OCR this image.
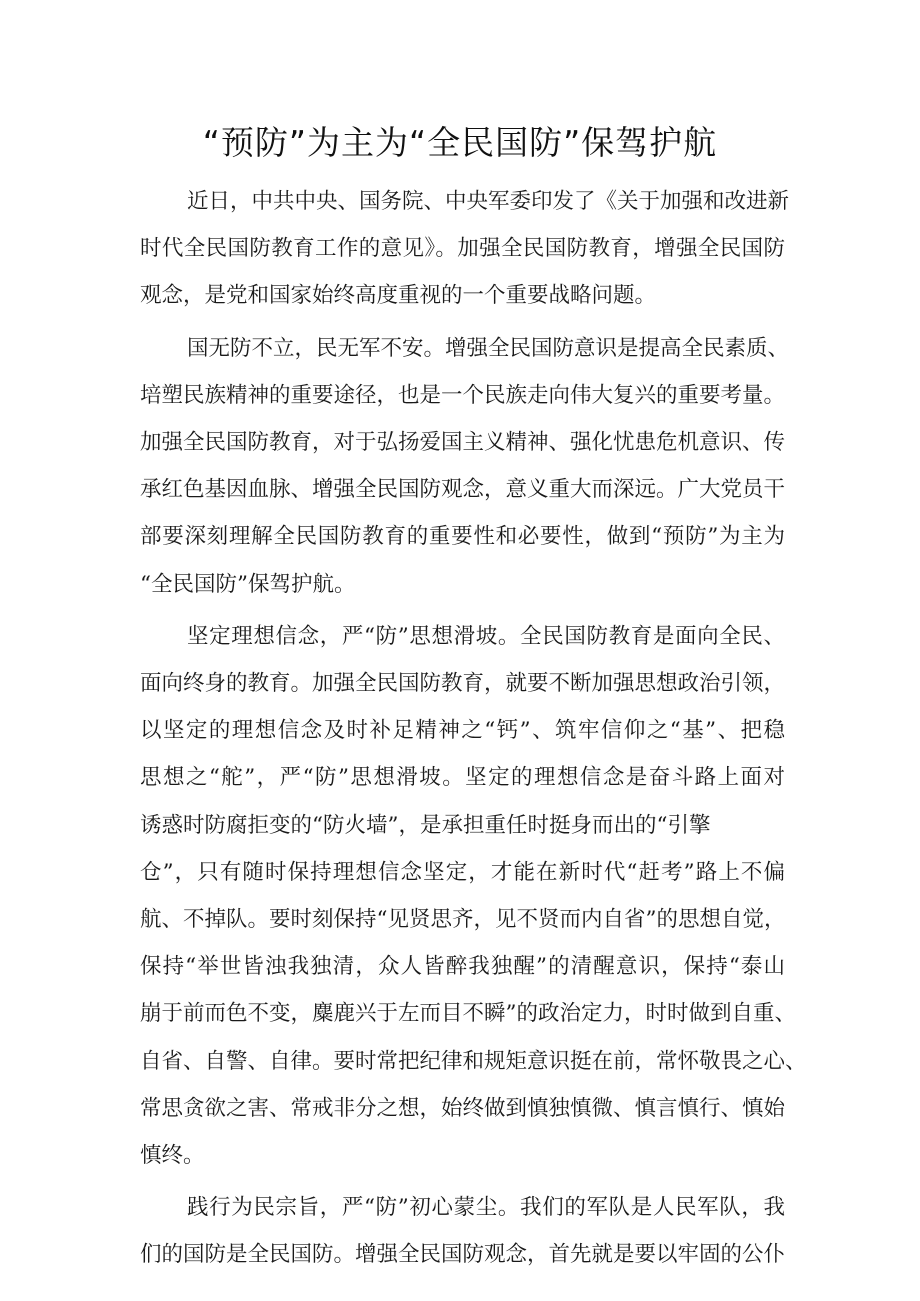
“预防”为主为“全民国防”保驾护航

近日，中共中央、国务院、中央军委印发了《关于加强和改进新
时代全民国防教育工作的意见》。加强全民国防教育，增强全民国防
观念，是党和国家始终高度重视的一个重要战略问题。

国无防不立，民无军不安。增强全民国防意识是提高全民素质、
培塑民族精神的重要途径，也是一个民族走向伟大复兴的重要考量。
加强全民国防教育，对于弘扬爱国主义精神、强化忧患危机意识、传
承红色基因血脉、增强全民国防观念，意义重大而深远。广大党员干
部要深刻理解全民国防教育的重要性和必要性，做到“预防”为主为
“全民国防”保驾护航。

坚定理想信念，严“防”思想滑坡。全民国防教育是面向全民、
面向终身的教育。加强全民国防教育，就要不断加强思想政治引领，
以坚定的理想信念及时补足精神之“钙”、筑牢信仰之“基”、把稳
思想之“舵”，严“防”思想滑坡。坚定的理想信念是奋斗路上面对
诱惑时防腐拒变的“防火墙”，是承担重任时挺身而出的“引擎
仓”，只有随时保持理想信念坚定，才能在新时代“赶考”路上不偏
航、不掉队。要时刻保持“见贤思齐，见不贤而内自省”的思想自觉，
保持“举世皆浊我独清，众人皆醉我独醒”的清醒意识，保持“泰山
崩于前而色不变，麋鹿兴于左而目不瞬”的政治定力，时时做到自重、
自省、自警、自律。要时常把纪律和规矩意识挺在前，常怀敬畏之心、
常思贪欲之害、常戒非分之想，始终做到慎独慎微、慎言慎行、慎始
慎终。

践行为民宗旨，严“防”初心蒙尘。我们的军队是人民军队，我
们的国防是全民国防。增强全民国防观念，首先就是要以牢固的公仆
